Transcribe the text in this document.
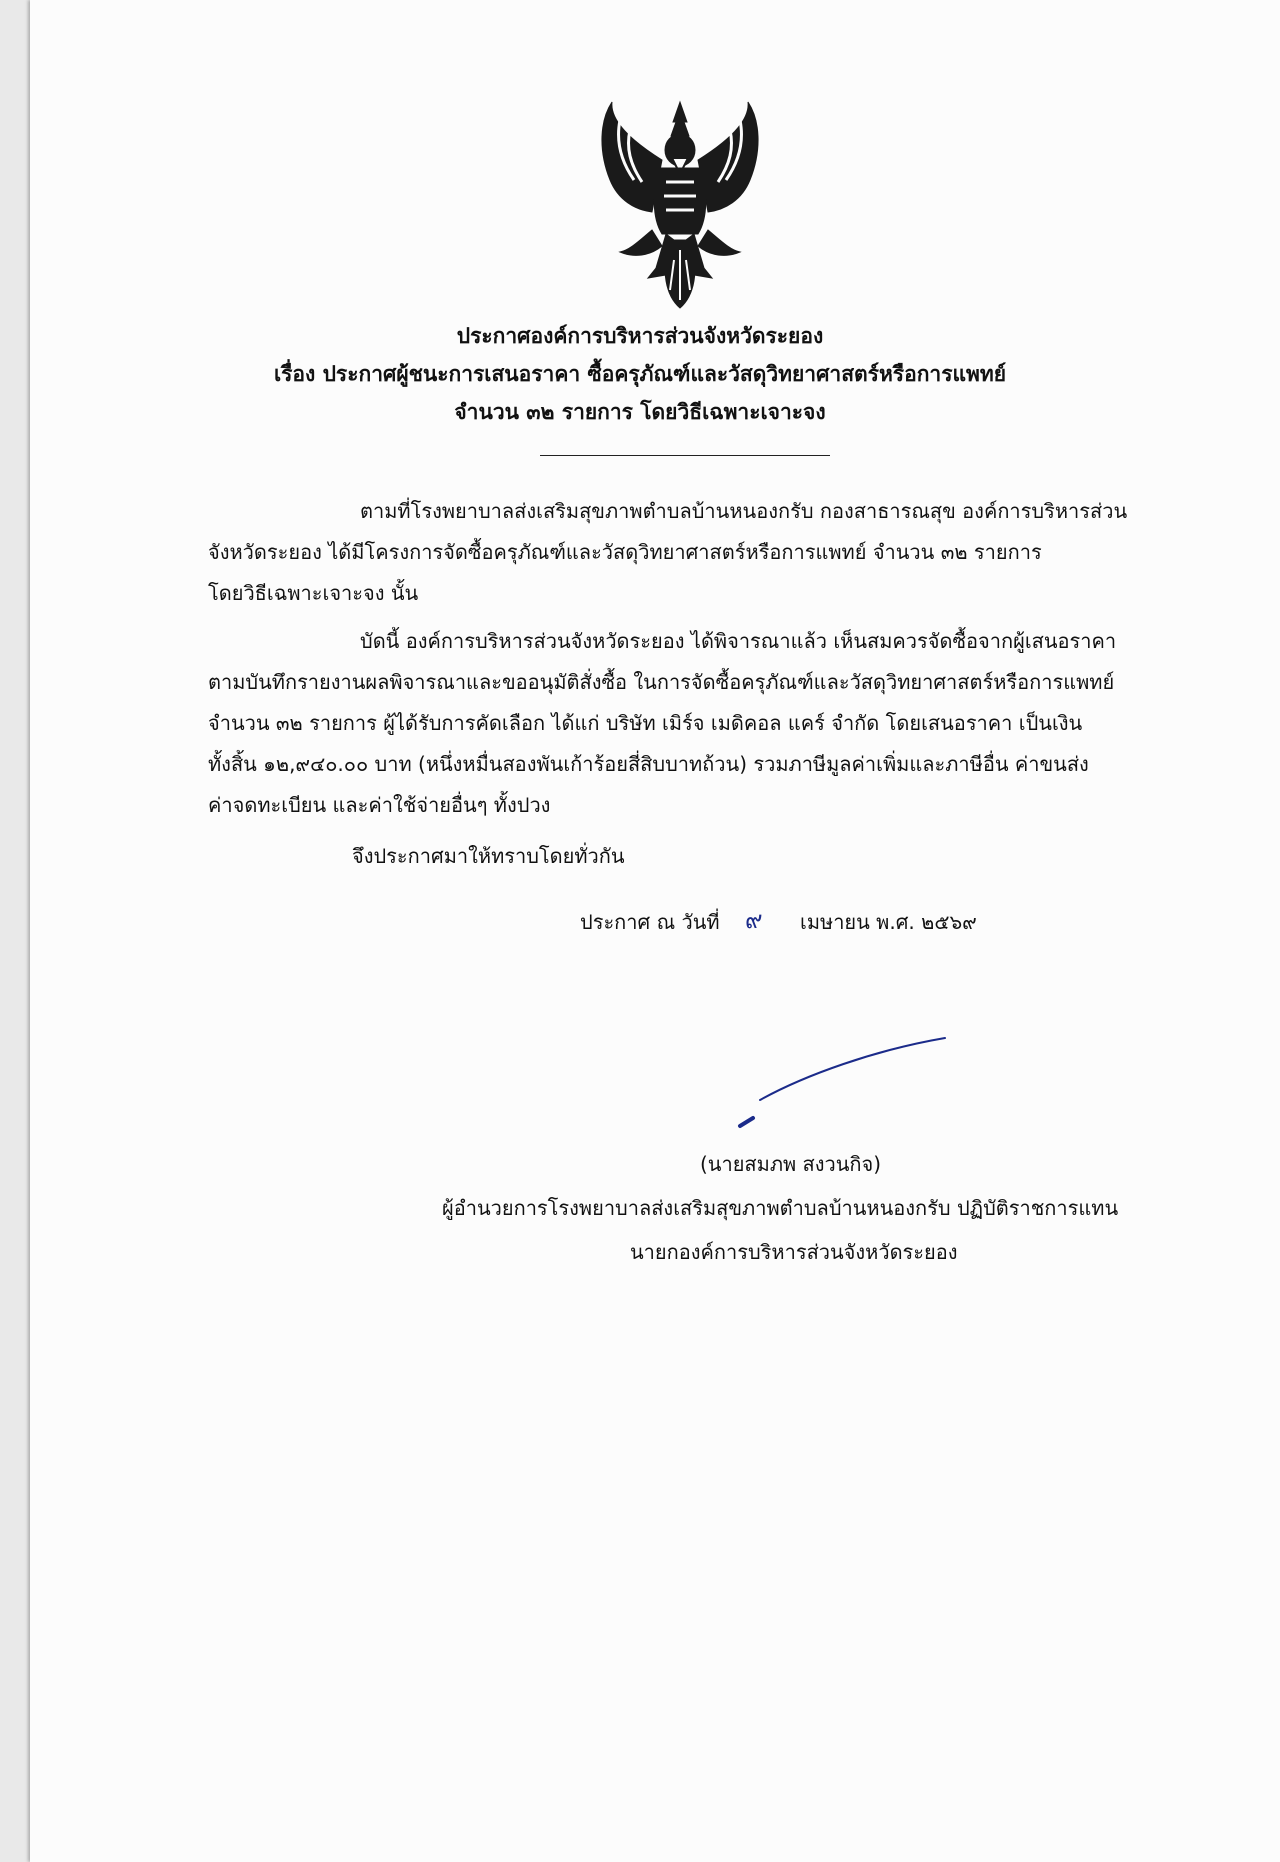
ประกาศองค์การบริหารส่วนจังหวัดระยอง
เรื่อง ประกาศผู้ชนะการเสนอราคา ซื้อครุภัณฑ์และวัสดุวิทยาศาสตร์หรือการแพทย์
จำนวน ๓๒ รายการ โดยวิธีเฉพาะเจาะจง
ตามที่โรงพยาบาลส่งเสริมสุขภาพตำบลบ้านหนองกรับ กองสาธารณสุข องค์การบริหารส่วน
จังหวัดระยอง ได้มีโครงการจัดซื้อครุภัณฑ์และวัสดุวิทยาศาสตร์หรือการแพทย์ จำนวน ๓๒ รายการ
โดยวิธีเฉพาะเจาะจง นั้น
บัดนี้ องค์การบริหารส่วนจังหวัดระยอง ได้พิจารณาแล้ว เห็นสมควรจัดซื้อจากผู้เสนอราคา
ตามบันทึกรายงานผลพิจารณาและขออนุมัติสั่งซื้อ ในการจัดซื้อครุภัณฑ์และวัสดุวิทยาศาสตร์หรือการแพทย์
จำนวน ๓๒ รายการ ผู้ได้รับการคัดเลือก ได้แก่ บริษัท เมิร์จ เมดิคอล แคร์ จำกัด โดยเสนอราคา เป็นเงิน
ทั้งสิ้น ๑๒,๙๔๐.๐๐ บาท (หนึ่งหมื่นสองพันเก้าร้อยสี่สิบบาทถ้วน) รวมภาษีมูลค่าเพิ่มและภาษีอื่น ค่าขนส่ง
ค่าจดทะเบียน และค่าใช้จ่ายอื่นๆ ทั้งปวง
จึงประกาศมาให้ทราบโดยทั่วกัน
ประกาศ ณ วันที่ ๙ เมษายน พ.ศ. ๒๕๖๙
(นายสมภพ สงวนกิจ)
ผู้อำนวยการโรงพยาบาลส่งเสริมสุขภาพตำบลบ้านหนองกรับ ปฏิบัติราชการแทน
นายกองค์การบริหารส่วนจังหวัดระยอง
